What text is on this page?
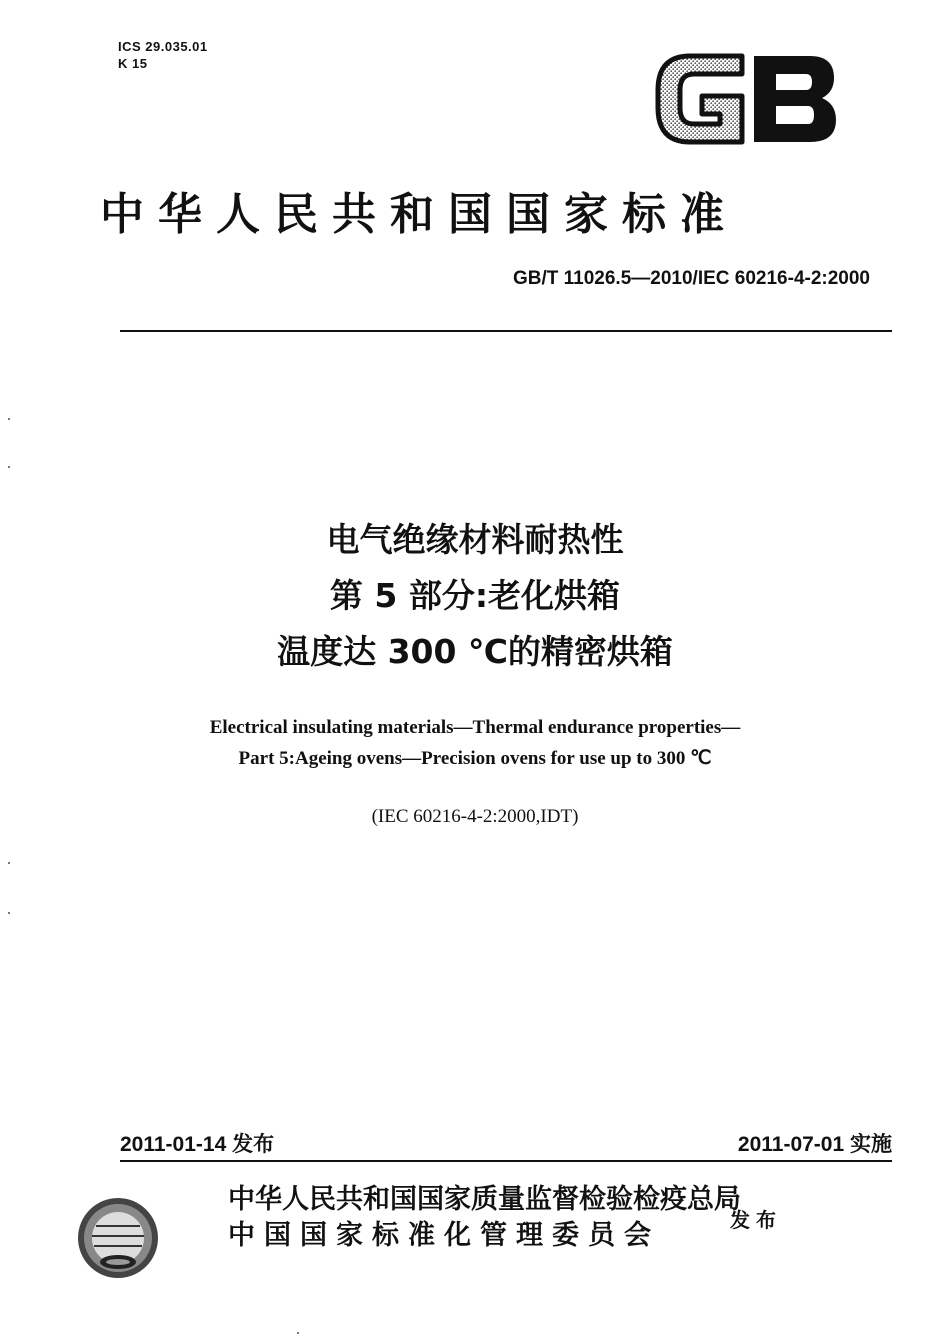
ICS 29.035.01
K 15
中华人民共和国国家标准
GB/T 11026.5—2010/IEC 60216-4-2:2000
电气绝缘材料耐热性
第 5 部分:老化烘箱
温度达 300 ℃的精密烘箱
Electrical insulating materials—Thermal endurance properties—
Part 5:Ageing ovens—Precision ovens for use up to 300 ℃
(IEC 60216-4-2:2000,IDT)
2011-01-14 发布	2011-07-01 实施
中华人民共和国国家质量监督检验检疫总局
中国国家标准化管理委员会	发布
